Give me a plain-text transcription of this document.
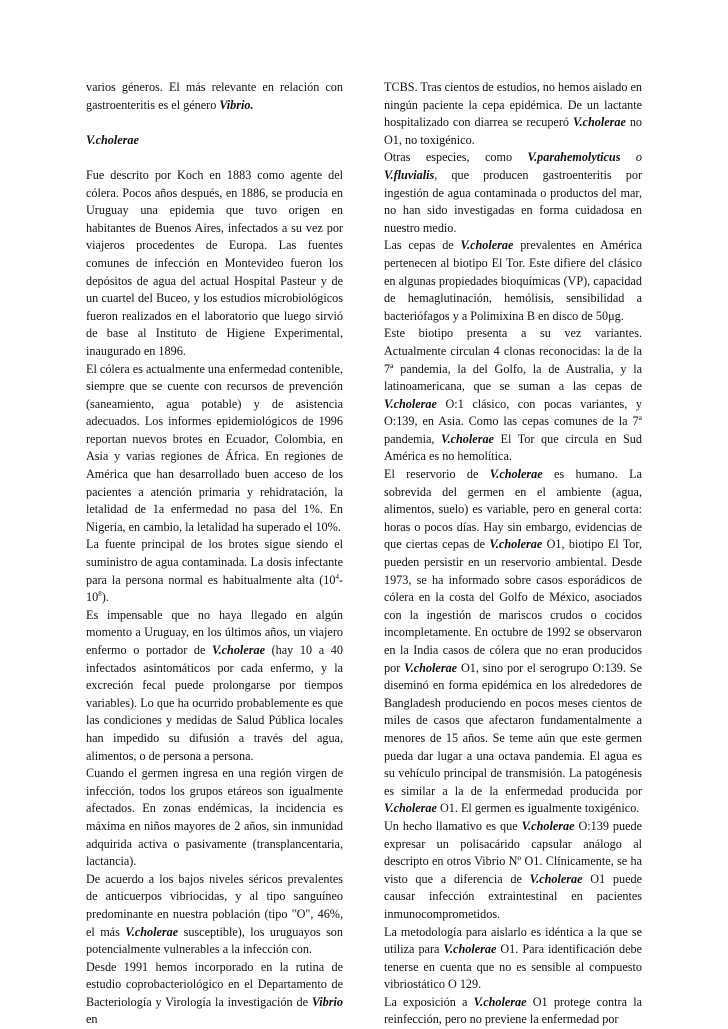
varios géneros. El más relevante en relación con gastroenteritis es el género Vibrio.

V.cholerae

Fue descrito por Koch en 1883 como agente del cólera. Pocos años después, en 1886, se producía en Uruguay una epidemia que tuvo origen en habitantes de Buenos Aires, infectados a su vez por viajeros procedentes de Europa. Las fuentes comunes de infección en Montevideo fueron los depósitos de agua del actual Hospital Pasteur y de un cuartel del Buceo, y los estudios microbiológicos fueron realizados en el laboratorio que luego sirvió de base al Instituto de Higiene Experimental, inaugurado en 1896.

El cólera es actualmente una enfermedad contenible, siempre que se cuente con recursos de prevención (saneamiento, agua potable) y de asistencia adecuados. Los informes epidemiológicos de 1996 reportan nuevos brotes en Ecuador, Colombia, en Asia y varias regiones de África. En regiones de América que han desarrollado buen acceso de los pacientes a atención primaria y rehidratación, la letalidad de 1a enfermedad no pasa del 1%. En Nigeria, en cambio, la letalidad ha superado el 10%.

La fuente principal de los brotes sigue siendo el suministro de agua contaminada. La dosis infectante para la persona normal es habitualmente alta $(10^4-10^8)$.

Es impensable que no haya llegado en algún momento a Uruguay, en los últimos años, un viajero enfermo o portador de V.cholerae (hay 10 a 40 infectados asintomáticos por cada enfermo, y la excreción fecal puede prolongarse por tiempos variables). Lo que ha ocurrido probablemente es que las condiciones y medidas de Salud Pública locales han impedido su difusión a través del agua, alimentos, o de persona a persona.

Cuando el germen ingresa en una región virgen de infección, todos los grupos etáreos son igualmente afectados. En zonas endémicas, la incidencia es máxima en niños mayores de 2 años, sin inmunidad adquirida activa o pasivamente (transplancentaria, lactancia).

De acuerdo a los bajos niveles séricos prevalentes de anticuerpos vibriocidas, y al tipo sanguíneo predominante en nuestra población (tipo "O", 46%, el más V.cholerae susceptible), los uruguayos son potencialmente vulnerables a la infección con.

Desde 1991 hemos incorporado en la rutina de estudio coprobacteriológico en el Departamento de Bacteriología y Virología la investigación de Vibrio en

TCBS. Tras cientos de estudios, no hemos aislado en ningún paciente la cepa epidémica. De un lactante hospitalizado con diarrea se recuperó V.cholerae no O1, no toxigénico.

Otras especies, como V.parahemolyticus o V.fluvialis, que producen gastroenteritis por ingestión de agua contaminada o productos del mar, no han sido investigadas en forma cuidadosa en nuestro medio.

Las cepas de V.cholerae prevalentes en América pertenecen al biotipo El Tor. Este difiere del clásico en algunas propiedades bioquímicas (VP), capacidad de hemaglutinación, hemólisis, sensibilidad a bacteriófagos y a Polimixina B en disco de 50μg.

Este biotipo presenta a su vez variantes. Actualmente circulan 4 clonas reconocidas: la de la 7ª pandemia, la del Golfo, la de Australia, y la latinoamericana, que se suman a las cepas de V.cholerae O:1 clásico, con pocas variantes, y O:139, en Asia. Como las cepas comunes de la 7ª pandemia, V.cholerae El Tor que circula en Sud América es no hemolítica.

El reservorio de V.cholerae es humano. La sobrevida del germen en el ambiente (agua, alimentos, suelo) es variable, pero en general corta: horas o pocos días. Hay sin embargo, evidencias de que ciertas cepas de V.cholerae O1, biotipo El Tor, pueden persistir en un reservorio ambiental. Desde 1973, se ha informado sobre casos esporádicos de cólera en la costa del Golfo de México, asociados con la ingestión de mariscos crudos o cocidos incompletamente. En octubre de 1992 se observaron en la India casos de cólera que no eran producidos por V.cholerae O1, sino por el serogrupo O:139. Se diseminó en forma epidémica en los alrededores de Bangladesh produciendo en pocos meses cientos de miles de casos que afectaron fundamentalmente a menores de 15 años. Se teme aún que este germen pueda dar lugar a una octava pandemia. El agua es su vehículo principal de transmisión. La patogénesis es similar a la de la enfermedad producida por V.cholerae O1. El germen es igualmente toxigénico.

Un hecho llamativo es que V.cholerae O:139 puede expresar un polisacárido capsular análogo al descripto en otros Vibrio Nº O1. Clínicamente, se ha visto que a diferencia de V.cholerae O1 puede causar infección extraintestinal en pacientes inmunocomprometidos.

La metodología para aislarlo es idéntica a la que se utiliza para V.cholerae O1. Para identificación debe tenerse en cuenta que no es sensible al compuesto vibriostático O 129.

La exposición a V.cholerae O1 protege contra la reinfección, pero no previene la enfermedad por
